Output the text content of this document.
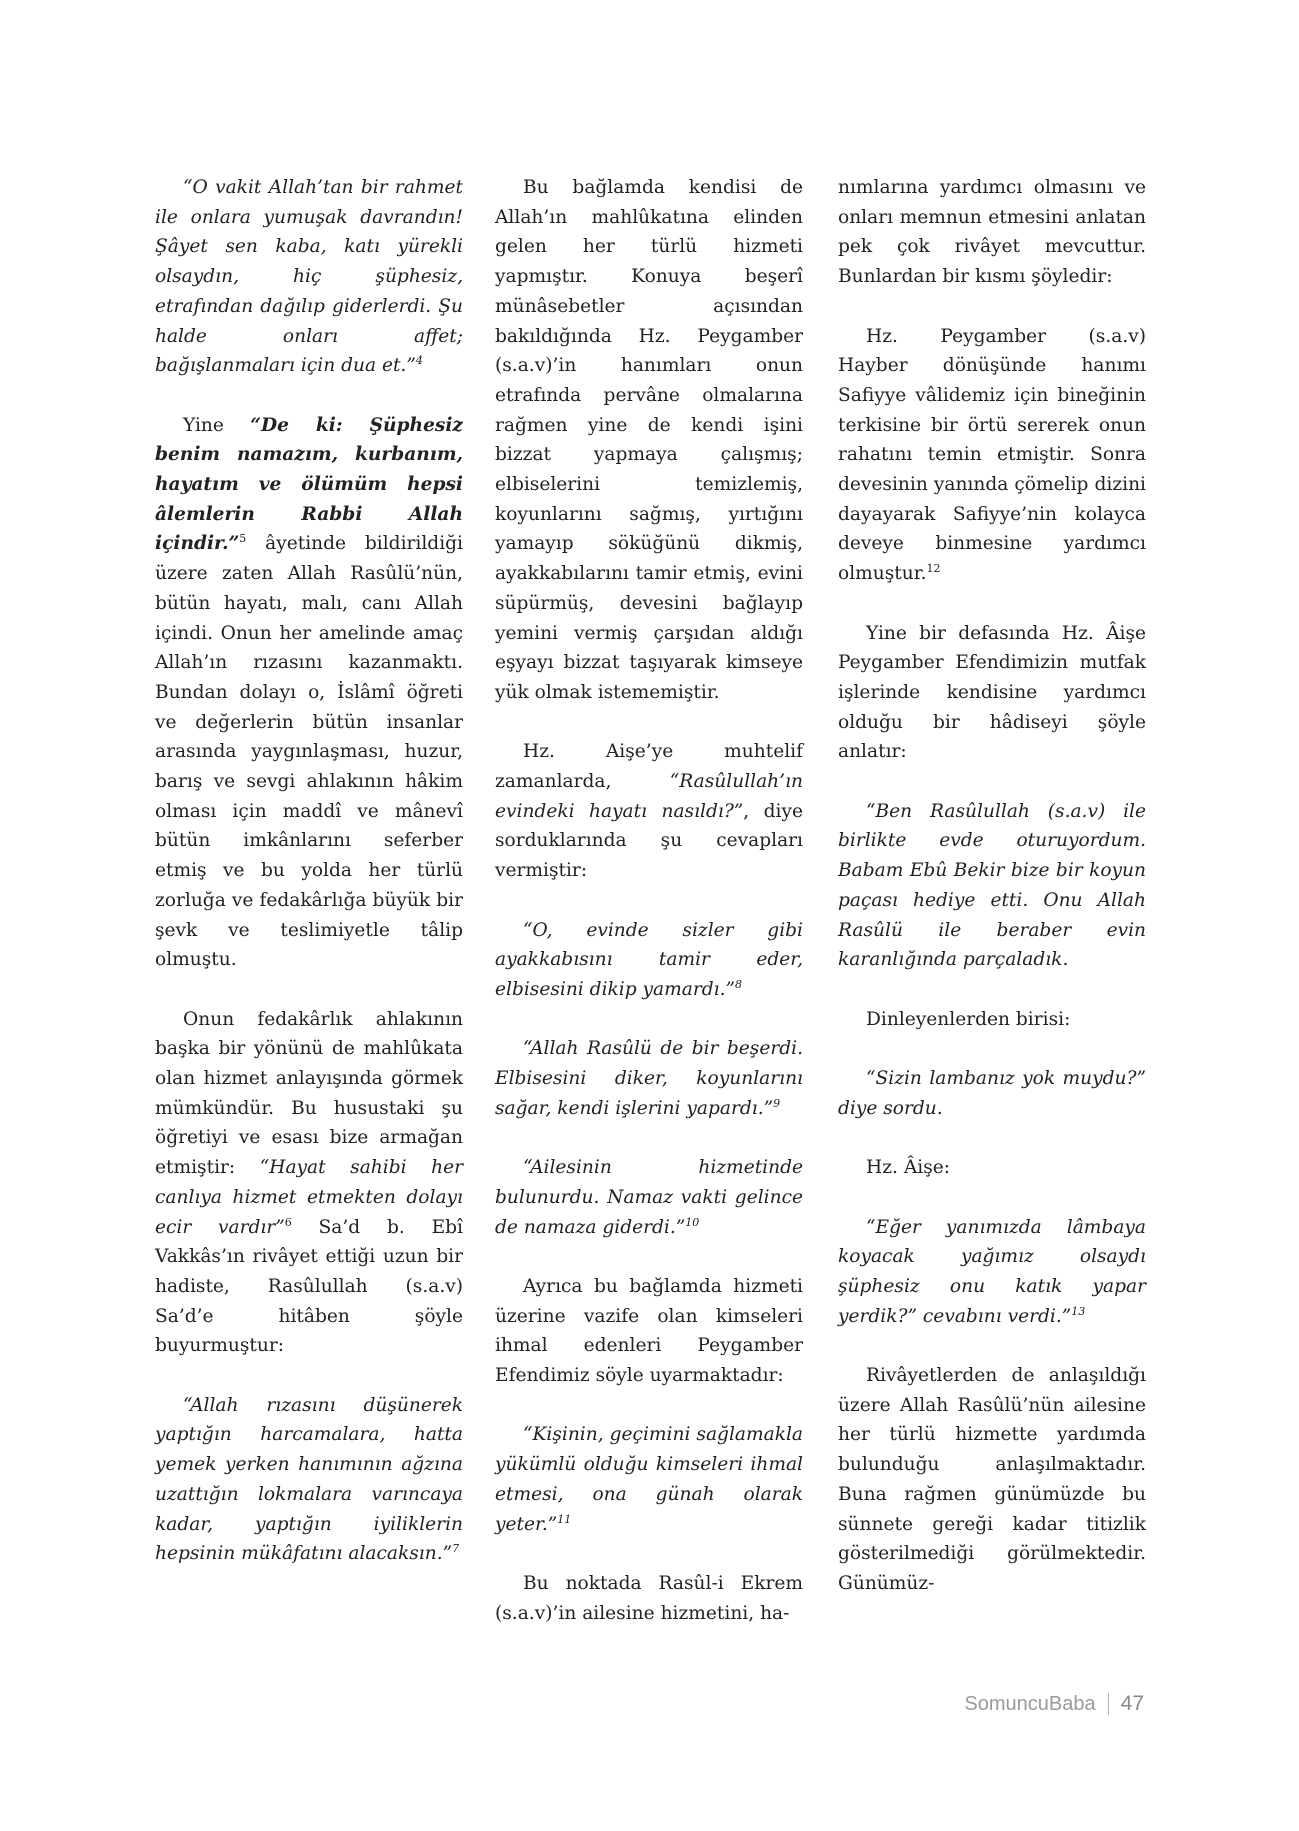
“O vakit Allah’tan bir rahmet ile onlara yumuşak davrandın! Şâyet sen kaba, katı yürekli olsaydın, hiç şüphesiz, etrafından dağılıp giderlerdi. Şu halde onları affet; bağışlanmaları için dua et.”$^4$

Yine “De ki: Şüphesiz benim namazım, kurbanım, hayatım ve ölümüm hepsi âlemlerin Rabbi Allah içindir.”$^5$ âyetinde bildirildiği üzere zaten Allah Rasûlü’nün, bütün hayatı, malı, canı Allah içindi. Onun her amelinde amaç Allah’ın rızasını kazanmaktı. Bundan dolayı o, İslâmî öğreti ve değerlerin bütün insanlar arasında yaygınlaşması, huzur, barış ve sevgi ahlakının hâkim olması için maddî ve mânevî bütün imkânlarını seferber etmiş ve bu yolda her türlü zorluğa ve fedakârlığa büyük bir şevk ve teslimiyetle tâlip olmuştu.

Onun fedakârlık ahlakının başka bir yönünü de mahlûkata olan hizmet anlayışında görmek mümkündür. Bu husustaki şu öğretiyi ve esası bize armağan etmiştir: “Hayat sahibi her canlıya hizmet etmekten dolayı ecir vardır”$^6$ Sa’d b. Ebî Vakkâs’ın rivâyet ettiği uzun bir hadiste, Rasûlullah (s.a.v) Sa’d’e hitâben şöyle buyurmuştur:

“Allah rızasını düşünerek yaptığın harcamalara, hatta yemek yerken hanımının ağzına uzattığın lokmalara varıncaya kadar, yaptığın iyiliklerin hepsinin mükâfatını alacaksın.”$^7$

Bu bağlamda kendisi de Allah’ın mahlûkatına elinden gelen her türlü hizmeti yapmıştır. Konuya beşerî münâsebetler açısından bakıldığında Hz. Peygamber (s.a.v)’in hanımları onun etrafında pervâne olmalarına rağmen yine de kendi işini bizzat yapmaya çalışmış; elbiselerini temizlemiş, koyunlarını sağmış, yırtığını yamayıp söküğünü dikmiş, ayakkabılarını tamir etmiş, evini süpürmüş, devesini bağlayıp yemini vermiş çarşıdan aldığı eşyayı bizzat taşıyarak kimseye yük olmak istememiştir.

Hz. Aişe’ye muhtelif zamanlarda, “Rasûlullah’ın evindeki hayatı nasıldı?”, diye sorduklarında şu cevapları vermiştir:

“O, evinde sizler gibi ayakkabısını tamir eder, elbisesini dikip yamardı.”$^8$

“Allah Rasûlü de bir beşerdi. Elbisesini diker, koyunlarını sağar, kendi işlerini yapardı.”$^9$

“Ailesinin hizmetinde bulunurdu. Namaz vakti gelince de namaza giderdi.”$^{10}$

Ayrıca bu bağlamda hizmeti üzerine vazife olan kimseleri ihmal edenleri Peygamber Efendimiz söyle uyarmaktadır:

“Kişinin, geçimini sağlamakla yükümlü olduğu kimseleri ihmal etmesi, ona günah olarak yeter.”$^{11}$

Bu noktada Rasûl-i Ekrem (s.a.v)’in ailesine hizmetini, ha-

nımlarına yardımcı olmasını ve onları memnun etmesini anlatan pek çok rivâyet mevcuttur. Bunlardan bir kısmı şöyledir:

Hz. Peygamber (s.a.v) Hayber dönüşünde hanımı Safiyye vâlidemiz için bineğinin terkisine bir örtü sererek onun rahatını temin etmiştir. Sonra devesinin yanında çömelip dizini dayayarak Safiyye’nin kolayca deveye binmesine yardımcı olmuştur.$^{12}$

Yine bir defasında Hz. Âişe Peygamber Efendimizin mutfak işlerinde kendisine yardımcı olduğu bir hâdiseyi şöyle anlatır:

“Ben Rasûlullah (s.a.v) ile birlikte evde oturuyordum. Babam Ebû Bekir bize bir koyun paçası hediye etti. Onu Allah Rasûlü ile beraber evin karanlığında parçaladık.

Dinleyenlerden birisi:

“Sizin lambanız yok muydu?” diye sordu.

Hz. Âişe:

“Eğer yanımızda lâmbaya koyacak yağımız olsaydı şüphesiz onu katık yapar yerdik?” cevabını verdi.”$^{13}$

Rivâyetlerden de anlaşıldığı üzere Allah Rasûlü’nün ailesine her türlü hizmette yardımda bulunduğu anlaşılmaktadır. Buna rağmen günümüzde bu sünnete gereği kadar titizlik gösterilmediği görülmektedir. Günümüz-

SomuncuBaba 47
